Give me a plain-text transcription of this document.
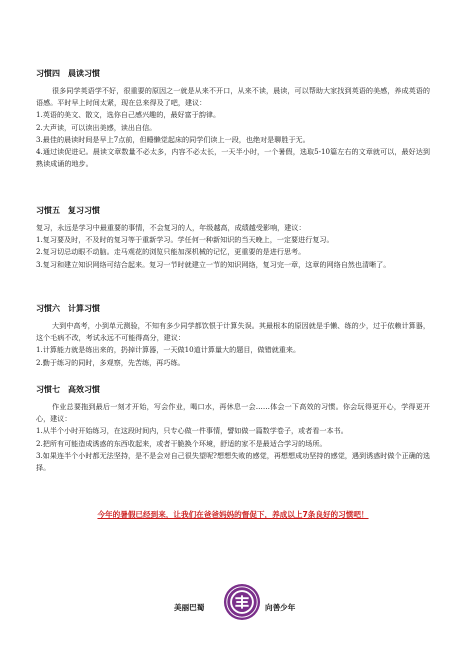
习惯四　晨读习惯

很多同学英语学不好，很重要的原因之一就是从来不开口，从来不读，晨读，可以帮助大家找到英语的美感，养成英语的语感。平时早上时间太紧，现在总来得及了吧，建议：

1.英语的美文、散文，选你自己感兴趣的，最好富于韵律。

2.大声读，可以读出美感，读出自信。

3.最佳的晨读时间是早上7点前，但睡懒觉起床的同学们读上一段，也绝对是聊胜于无。

4.通过读促进记。晨读文章数量不必太多，内容不必太长，一天半小时，一个暑假，选取5-10篇左右的文章就可以，最好达到熟读成诵的地步。

习惯五　复习习惯

复习，永远是学习中最重要的事情，不会复习的人，年级越高，成绩越受影响，建议：

1.复习要及时，不及时的复习等于重新学习。学任何一种新知识的当天晚上，一定要进行复习。

2.复习切忌动眼不动脑。走马观花的浏览只能加深机械的记忆，更重要的是进行思考。

3.复习和建立知识网络可结合起来。复习一节时就建立一节的知识网络，复习完一章，这章的网络自然也清晰了。

习惯六　计算习惯

大到中高考，小到单元测验，不知有多少同学都饮恨于计算失误。其最根本的原因就是手懒、练的少，过于依赖计算器，这个毛病不改，考试永远不可能得高分，建议：

1.计算能力就是练出来的，扔掉计算器，一天做10道计算量大的题目，做错就重来。

2.勤于练习的同时，多观察，先苦练，再巧练。

习惯七　高效习惯

作业总要拖到最后一刻才开始，写会作业，喝口水，再休息一会……体会一下高效的习惯。你会玩得更开心，学得更开心，建议：

1.从半个小时开始练习，在这段时间内，只专心做一件事情，譬如做一篇数学卷子，或者看一本书。

2.把所有可能造成诱惑的东西收起来，或者干脆换个环境，舒适的家不是最适合学习的场所。

3.如果连半个小时都无法坚持，是不是会对自己很失望呢?想想失败的感觉，再想想成功坚持的感觉，遇到诱惑时做个正确的选择。

今年的暑假已经到来，让我们在爸爸妈妈的督促下，养成以上7条良好的习惯吧！

美丽巴蜀	向善少年
